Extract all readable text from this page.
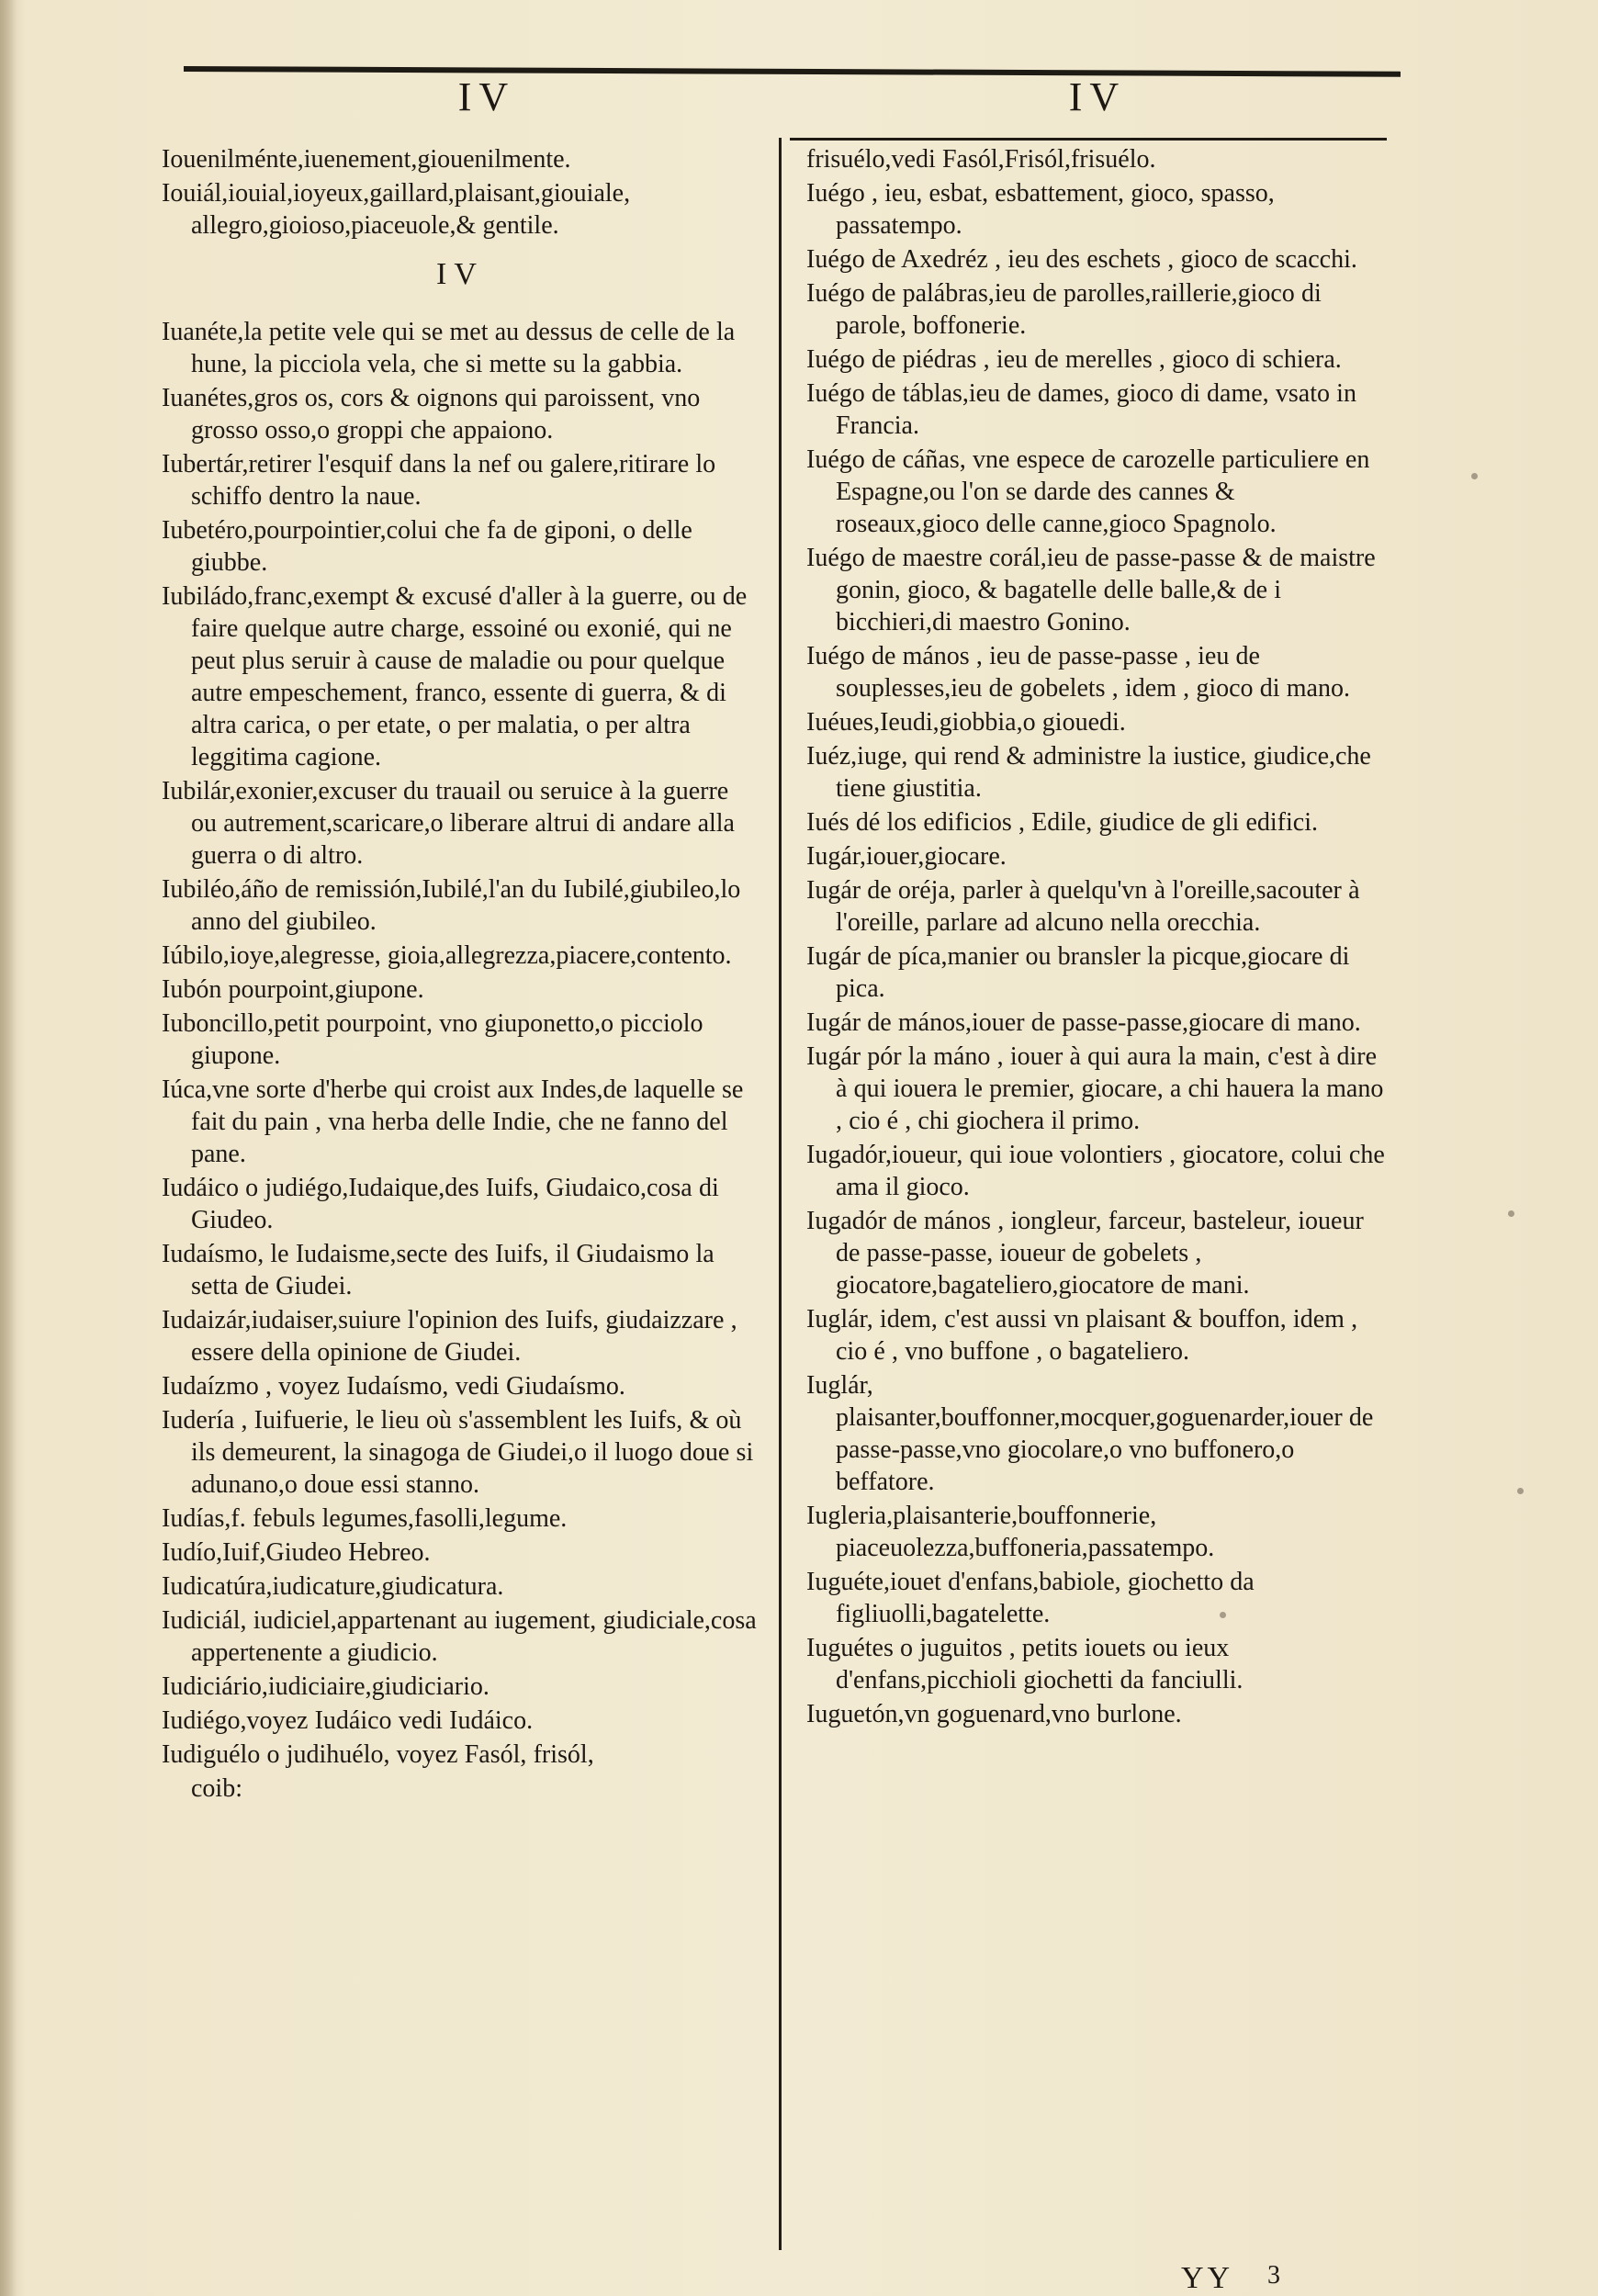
IV	IV
Iouenilménte,iuenement,giouenilmente.
Iouiál,iouial,ioyeux,gaillard,plaisant,giouiale, allegro,gioioso,piaceuole,& gentile.
IV
Iuanéte,la petite vele qui se met au dessus de celle de la hune, la picciola vela, che si mette su la gabbia.
Iuanétes,gros os, cors & oignons qui paroissent, vno grosso osso,o groppi che appaiono.
Iubertár,retirer l'esquif dans la nef ou galere,ritirare lo schiffo dentro la naue.
Iubetéro,pourpointier,colui che fa de giponi, o delle giubbe.
Iubiládo,franc,exempt & excusé d'aller à la guerre, ou de faire quelque autre charge, essoiné ou exonié, qui ne peut plus seruir à cause de maladie ou pour quelque autre empeschement, franco, essente di guerra, & di altra carica, o per etate, o per malatia, o per altra leggitima cagione.
Iubilár,exonier,excuser du trauail ou seruice à la guerre ou autrement,scaricare,o liberare altrui di andare alla guerra o di altro.
Iubiléo,áño de remissión,Iubilé,l'an du Iubilé,giubileo,lo anno del giubileo.
Iúbilo,ioye,alegresse, gioia,allegrezza,piacere,contento.
Iubón pourpoint,giupone.
Iuboncillo,petit pourpoint, vno giuponetto,o picciolo giupone.
Iúca,vne sorte d'herbe qui croist aux Indes,de laquelle se fait du pain , vna herba delle Indie, che ne fanno del pane.
Iudáico o judiégo,Iudaique,des Iuifs, Giudaico,cosa di Giudeo.
Iudaísmo, le Iudaisme,secte des Iuifs, il Giudaismo la setta de Giudei.
Iudaizár,iudaiser,suiure l'opinion des Iuifs, giudaizzare , essere della opinione de Giudei.
Iudaízmo , voyez Iudaísmo, vedi Giudaísmo.
Iudería , Iuifuerie, le lieu où s'assemblent les Iuifs, & où ils demeurent, la sinagoga de Giudei,o il luogo doue si adunano,o doue essi stanno.
Iudías,f. febuls legumes,fasolli,legume.
Iudío,Iuif,Giudeo Hebreo.
Iudicatúra,iudicature,giudicatura.
Iudiciál, iudiciel,appartenant au iugement, giudiciale,cosa appertenente a giudicio.
Iudiciário,iudiciaire,giudiciario.
Iudiégo,voyez Iudáico vedi Iudáico.
Iudiguélo o judihuélo, voyez Fasól, frisól,
coib:
frisuélo,vedi Fasól,Frisól,frisuélo.
Iuégo , ieu, esbat, esbattement, gioco, spasso, passatempo.
Iuégo de Axedréz , ieu des eschets , gioco de scacchi.
Iuégo de palábras,ieu de parolles,raillerie,gioco di parole, boffonerie.
Iuégo de piédras , ieu de merelles , gioco di schiera.
Iuégo de táblas,ieu de dames, gioco di dame, vsato in Francia.
Iuégo de cáñas, vne espece de carozelle particuliere en Espagne,ou l'on se darde des cannes & roseaux,gioco delle canne,gioco Spagnolo.
Iuégo de maestre corál,ieu de passe-passe & de maistre gonin, gioco, & bagatelle delle balle,& de i bicchieri,di maestro Gonino.
Iuégo de mános , ieu de passe-passe , ieu de souplesses,ieu de gobelets , idem , gioco di mano.
Iuéues,Ieudi,giobbia,o giouedi.
Iuéz,iuge, qui rend & administre la iustice, giudice,che tiene giustitia.
Iués dé los edificios , Edile, giudice de gli edifici.
Iugár,iouer,giocare.
Iugár de oréja, parler à quelqu'vn à l'oreille,sacouter à l'oreille, parlare ad alcuno nella orecchia.
Iugár de píca,manier ou bransler la picque,giocare di pica.
Iugár de mános,iouer de passe-passe,giocare di mano.
Iugár pór la máno , iouer à qui aura la main, c'est à dire à qui iouera le premier, giocare, a chi hauera la mano , cio é , chi giochera il primo.
Iugadór,ioueur, qui ioue volontiers , giocatore, colui che ama il gioco.
Iugadór de mános , iongleur, farceur, basteleur, ioueur de passe-passe, ioueur de gobelets , giocatore,bagateliero,giocatore de mani.
Iuglár, idem, c'est aussi vn plaisant & bouffon, idem , cio é , vno buffone , o bagateliero.
Iuglár, plaisanter,bouffonner,mocquer,goguenarder,iouer de passe-passe,vno giocolare,o vno buffonero,o beffatore.
Iugleria,plaisanterie,bouffonnerie, piaceuolezza,buffoneria,passatempo.
Iuguéte,iouet d'enfans,babiole, giochetto da figliuolli,bagatelette.
Iuguétes o juguitos , petits iouets ou ieux d'enfans,picchioli giochetti da fanciulli.
Iuguetón,vn goguenard,vno burlone.
YY 3
